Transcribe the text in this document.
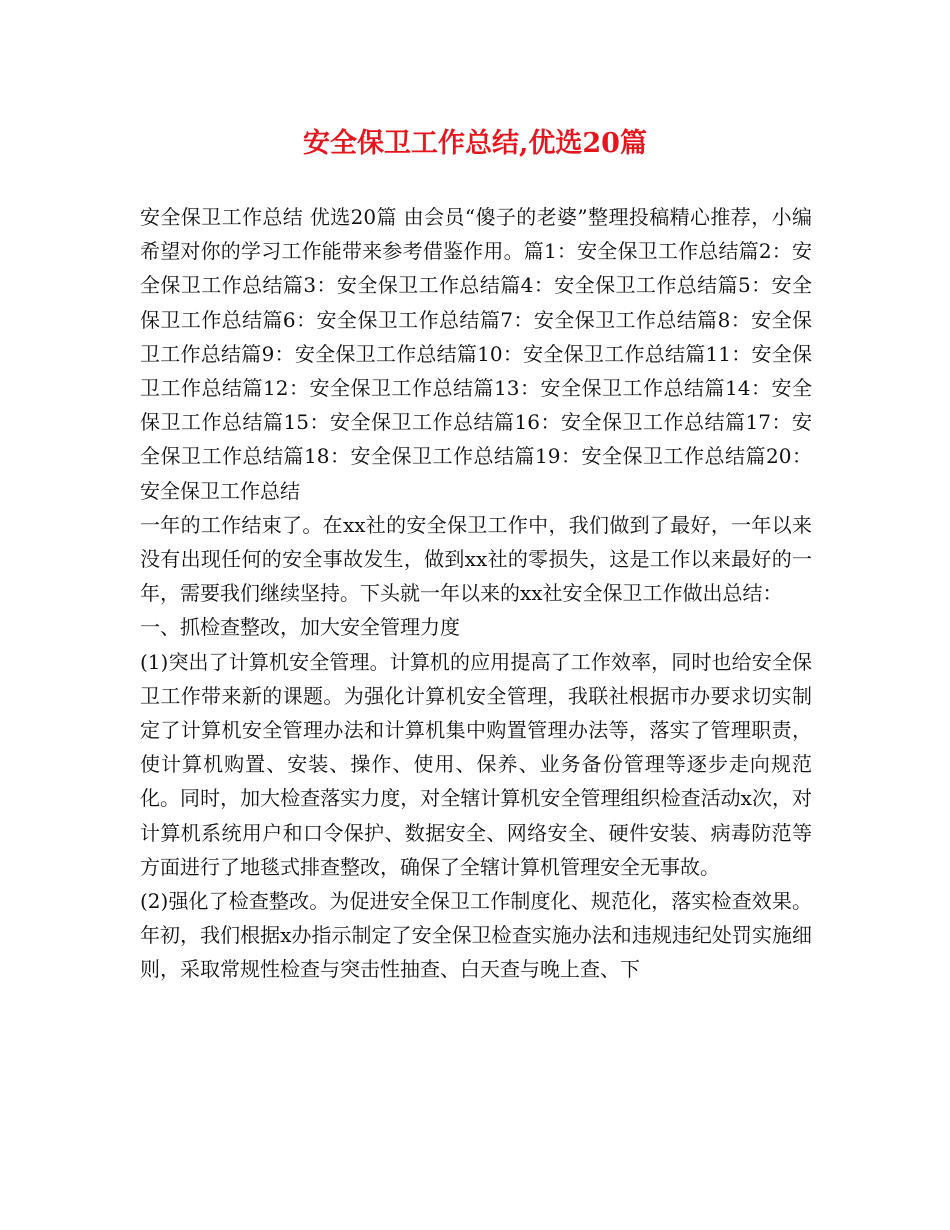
安全保卫工作总结,优选20篇

安全保卫工作总结 优选20篇 由会员“傻子的老婆”整理投稿精心推荐，小编希望对你的学习工作能带来参考借鉴作用。篇1：安全保卫工作总结篇2：安全保卫工作总结篇3：安全保卫工作总结篇4：安全保卫工作总结篇5：安全保卫工作总结篇6：安全保卫工作总结篇7：安全保卫工作总结篇8：安全保卫工作总结篇9：安全保卫工作总结篇10：安全保卫工作总结篇11：安全保卫工作总结篇12：安全保卫工作总结篇13：安全保卫工作总结篇14：安全保卫工作总结篇15：安全保卫工作总结篇16：安全保卫工作总结篇17：安全保卫工作总结篇18：安全保卫工作总结篇19：安全保卫工作总结篇20：安全保卫工作总结

一年的工作结束了。在xx社的安全保卫工作中，我们做到了最好，一年以来没有出现任何的安全事故发生，做到xx社的零损失，这是工作以来最好的一年，需要我们继续坚持。下头就一年以来的xx社安全保卫工作做出总结：

一、抓检查整改，加大安全管理力度

(1)突出了计算机安全管理。计算机的应用提高了工作效率，同时也给安全保卫工作带来新的课题。为强化计算机安全管理，我联社根据市办要求切实制定了计算机安全管理办法和计算机集中购置管理办法等，落实了管理职责，使计算机购置、安装、操作、使用、保养、业务备份管理等逐步走向规范化。同时，加大检查落实力度，对全辖计算机安全管理组织检查活动x次，对计算机系统用户和口令保护、数据安全、网络安全、硬件安装、病毒防范等方面进行了地毯式排查整改，确保了全辖计算机管理安全无事故。

(2)强化了检查整改。为促进安全保卫工作制度化、规范化，落实检查效果。年初，我们根据x办指示制定了安全保卫检查实施办法和违规违纪处罚实施细则，采取常规性检查与突击性抽查、白天查与晚上查、下
